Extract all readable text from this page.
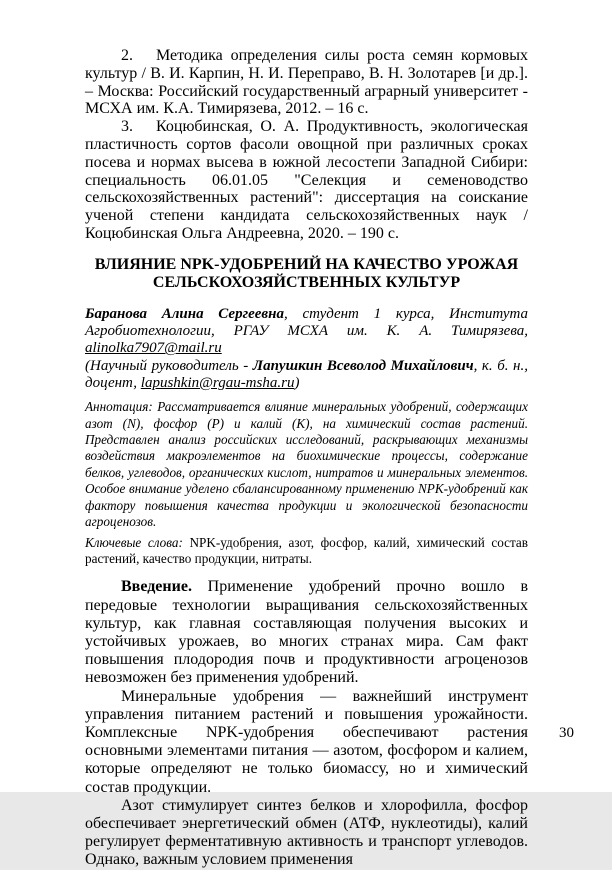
2. Методика определения силы роста семян кормовых культур / В. И. Карпин, Н. И. Переправо, В. Н. Золотарев [и др.]. – Москва: Российский государственный аграрный университет - МСХА им. К.А. Тимирязева, 2012. – 16 с.

3. Коцюбинская, О. А. Продуктивность, экологическая пластичность сортов фасоли овощной при различных сроках посева и нормах высева в южной лесостепи Западной Сибири: специальность 06.01.05 "Селекция и семеноводство сельскохозяйственных растений": диссертация на соискание ученой степени кандидата сельскохозяйственных наук / Коцюбинская Ольга Андреевна, 2020. – 190 с.

ВЛИЯНИЕ NPK-УДОБРЕНИЙ НА КАЧЕСТВО УРОЖАЯ
СЕЛЬСКОХОЗЯЙСТВЕННЫХ КУЛЬТУР

Баранова Алина Сергеевна, студент 1 курса, Института Агробиотехнологии, РГАУ МСХА им. К. А. Тимирязева, alinolka7907@mail.ru

(Научный руководитель - Лапушкин Всеволод Михайлович, к. б. н., доцент, lapushkin@rgau-msha.ru)

Аннотация: Рассматривается влияние минеральных удобрений, содержащих азот (N), фосфор (Р) и калий (К), на химический состав растений. Представлен анализ российских исследований, раскрывающих механизмы воздействия макроэлементов на биохимические процессы, содержание белков, углеводов, органических кислот, нитратов и минеральных элементов. Особое внимание уделено сбалансированному применению NPK-удобрений как фактору повышения качества продукции и экологической безопасности агроценозов.

Ключевые слова: NPK-удобрения, азот, фосфор, калий, химический состав растений, качество продукции, нитраты.

Введение. Применение удобрений прочно вошло в передовые технологии выращивания сельскохозяйственных культур, как главная составляющая получения высоких и устойчивых урожаев, во многих странах мира. Сам факт повышения плодородия почв и продуктивности агроценозов невозможен без применения удобрений.

Минеральные удобрения — важнейший инструмент управления питанием растений и повышения урожайности. Комплексные NPK-удобрения обеспечивают растения основными элементами питания — азотом, фосфором и калием, которые определяют не только биомассу, но и химический состав продукции.

Азот стимулирует синтез белков и хлорофилла, фосфор обеспечивает энергетический обмен (АТФ, нуклеотиды), калий регулирует ферментативную активность и транспорт углеводов. Однако, важным условием применения

30
